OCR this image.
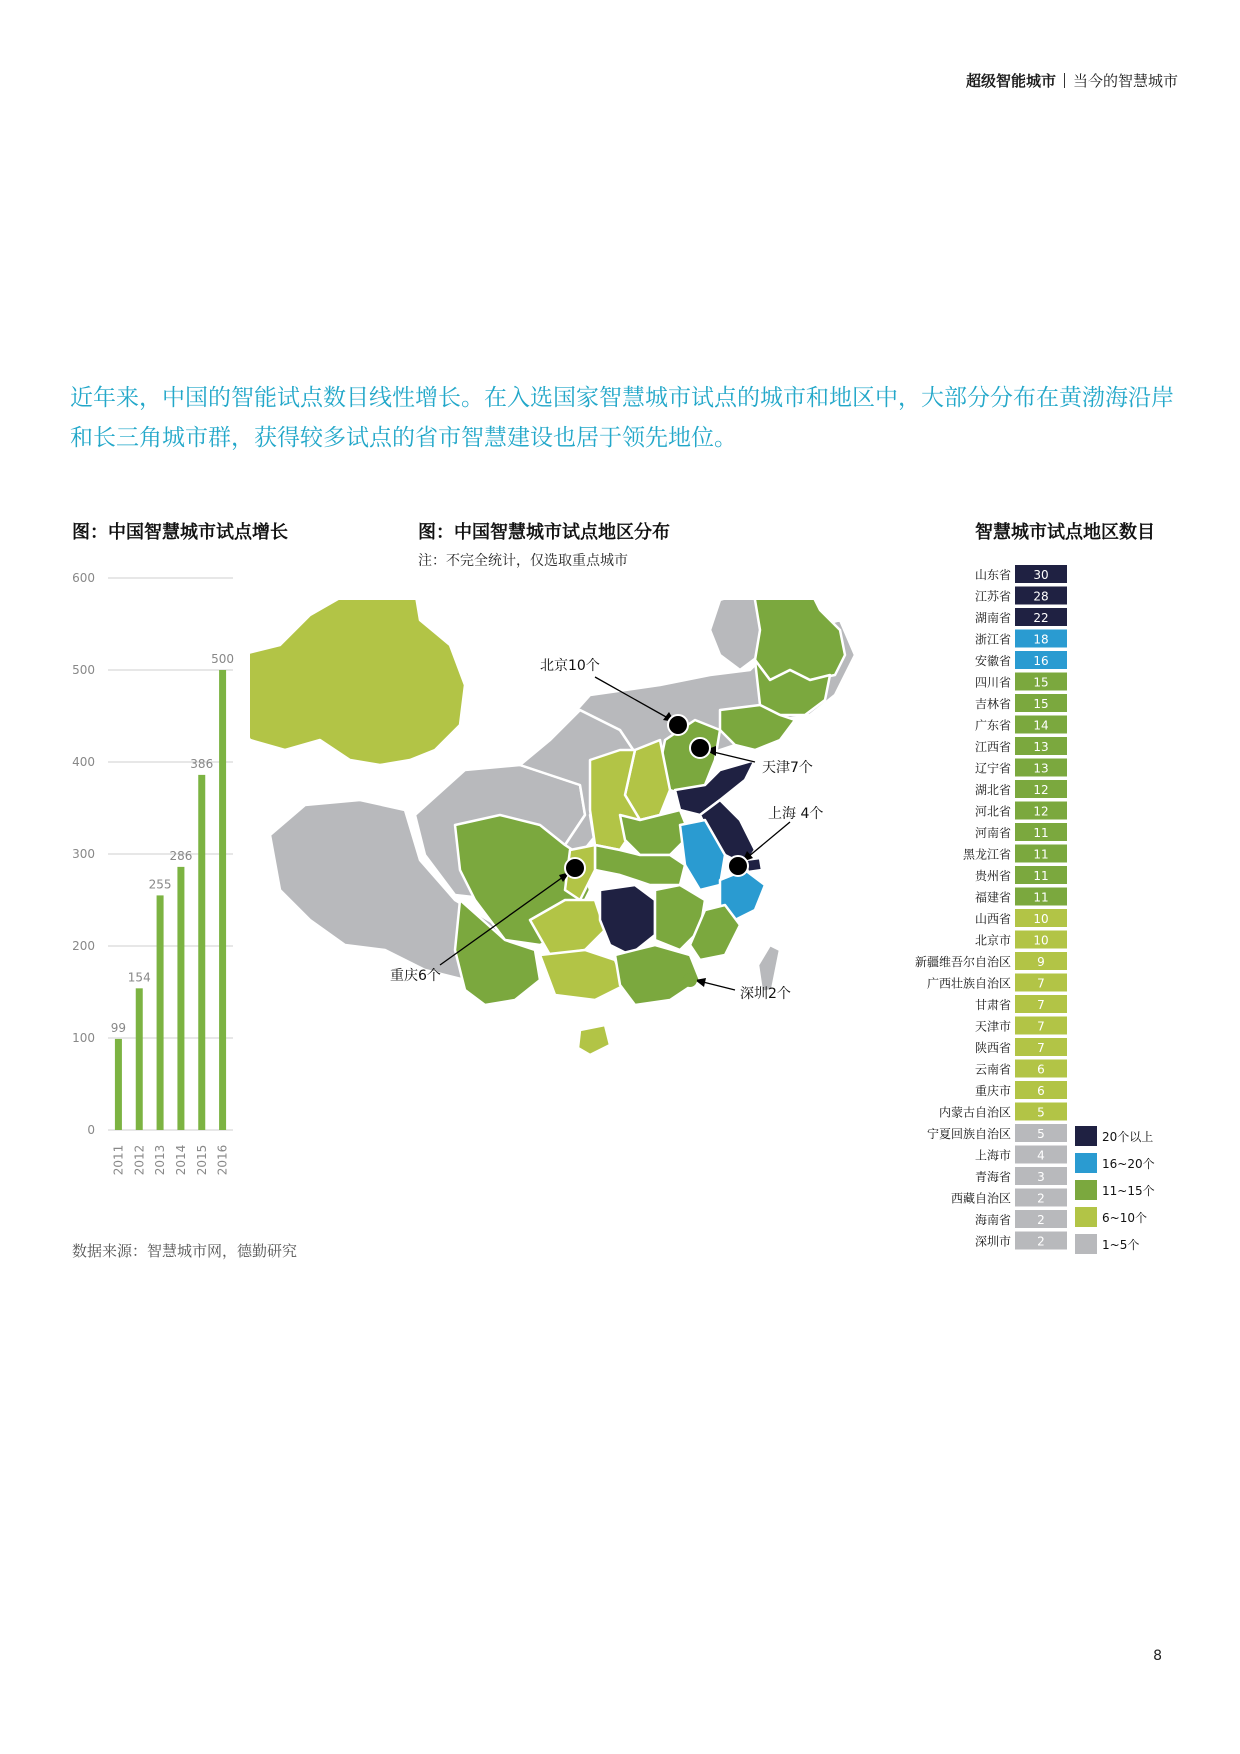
超级智能城市 当今的智慧城市
近年来，中国的智能试点数目线性增长。在入选国家智慧城市试点的城市和地区中，大部分分布在黄渤海沿岸和长三角城市群，获得较多试点的省市智慧建设也居于领先地位。
图：中国智慧城市试点增长	图：中国智慧城市试点地区分布
注：不完全统计，仅选取重点城市
智慧城市试点地区数目
0
100
200
300
400
500
600
99
2011
154
2012
255
2013
286
2014
386
2015
500
2016
北京10个
天津7个
上海 4个
重庆6个
深圳2个
山东省 30
江苏省 28
湖南省 22
浙江省 18
安徽省 16
四川省 15
吉林省 15
广东省 14
江西省 13
辽宁省 13
湖北省 12
河北省 12
河南省 11
黑龙江省 11
贵州省 11
福建省 11
山西省 10
北京市 10
新疆维吾尔自治区 9
广西壮族自治区 7
甘肃省 7
天津市 7
陕西省 7
云南省 6
重庆市 6
内蒙古自治区 5
宁夏回族自治区 5
上海市 4
青海省 3
西藏自治区 2
海南省 2
深圳市 2
20个以上
16~20个
11~15个
6~10个
1~5个
数据来源：智慧城市网，德勤研究
8
